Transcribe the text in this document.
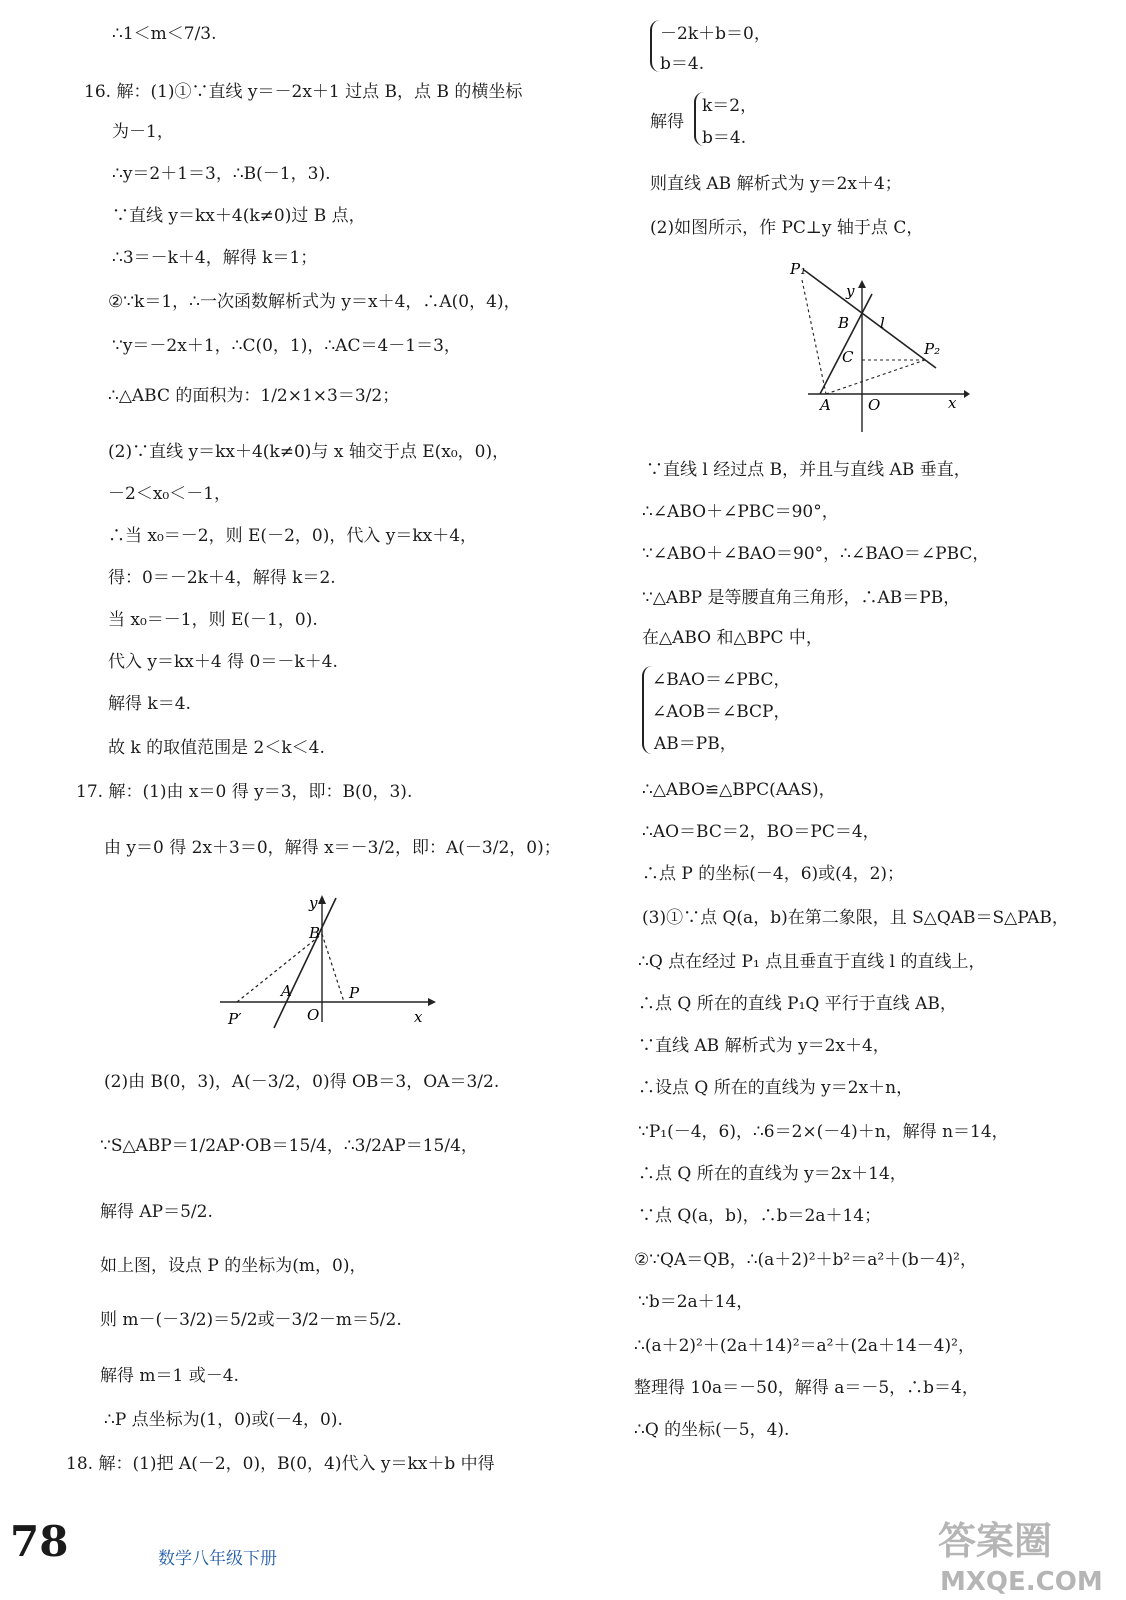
∴1＜m＜7/3.
16. 解：(1)①∵直线 y＝－2x＋1 过点 B，点 B 的横坐标
为－1，
∴y＝2＋1＝3，∴B(－1，3).
∵直线 y＝kx＋4(k≠0)过 B 点，
∴3＝－k＋4，解得 k＝1；
②∵k＝1，∴一次函数解析式为 y＝x＋4，∴A(0，4)，
∵y＝－2x＋1，∴C(0，1)，∴AC＝4－1＝3，
∴△ABC 的面积为：1/2×1×3＝3/2；
(2)∵直线 y＝kx＋4(k≠0)与 x 轴交于点 E(x₀，0)，
－2＜x₀＜－1，
∴当 x₀＝－2，则 E(－2，0)，代入 y＝kx＋4，
得：0＝－2k＋4，解得 k＝2.
当 x₀＝－1，则 E(－1，0).
代入 y＝kx＋4 得 0＝－k＋4.
解得 k＝4.
故 k 的取值范围是 2＜k＜4.
17. 解：(1)由 x＝0 得 y＝3，即：B(0，3).
由 y＝0 得 2x＋3＝0，解得 x＝－3/2，即：A(－3/2，0)；
(2)由 B(0，3)，A(－3/2，0)得 OB＝3，OA＝3/2.
∵S△ABP＝1/2AP·OB＝15/4，∴3/2AP＝15/4，
解得 AP＝5/2.
如上图，设点 P 的坐标为(m，0)，
则 m－(－3/2)＝5/2或－3/2－m＝5/2.
解得 m＝1 或－4.
∴P 点坐标为(1，0)或(－4，0).
18. 解：(1)把 A(－2，0)，B(0，4)代入 y＝kx＋b 中得
－2k＋b＝0，
b＝4.
解得
k＝2，
b＝4.
则直线 AB 解析式为 y＝2x＋4；
(2)如图所示，作 PC⊥y 轴于点 C，
∵直线 l 经过点 B，并且与直线 AB 垂直，
∴∠ABO＋∠PBC＝90°，
∵∠ABO＋∠BAO＝90°，∴∠BAO＝∠PBC，
∵△ABP 是等腰直角三角形，∴AB＝PB，
在△ABO 和△BPC 中，
∠BAO＝∠PBC，
∠AOB＝∠BCP，
AB＝PB，
∴△ABO≌△BPC(AAS)，
∴AO＝BC＝2，BO＝PC＝4，
∴点 P 的坐标(－4，6)或(4，2)；
(3)①∵点 Q(a，b)在第二象限，且 S△QAB＝S△PAB，
∴Q 点在经过 P₁ 点且垂直于直线 l 的直线上，
∴点 Q 所在的直线 P₁Q 平行于直线 AB，
∵直线 AB 解析式为 y＝2x＋4，
∴设点 Q 所在的直线为 y＝2x＋n，
∵P₁(－4，6)，∴6＝2×(－4)＋n，解得 n＝14，
∴点 Q 所在的直线为 y＝2x＋14，
∵点 Q(a，b)，∴b＝2a＋14；
②∵QA＝QB，∴(a＋2)²＋b²＝a²＋(b－4)²，
∵b＝2a＋14，
∴(a＋2)²＋(2a＋14)²＝a²＋(2a＋14－4)²，
整理得 10a＝－50，解得 a＝－5，∴b＝4，
∴Q 的坐标(－5，4).
y
x
B
A
O
P
P′
P₁
y
B l
C	P₂
A O	x
78	数学八年级下册	答案圈
MXQE.COM
